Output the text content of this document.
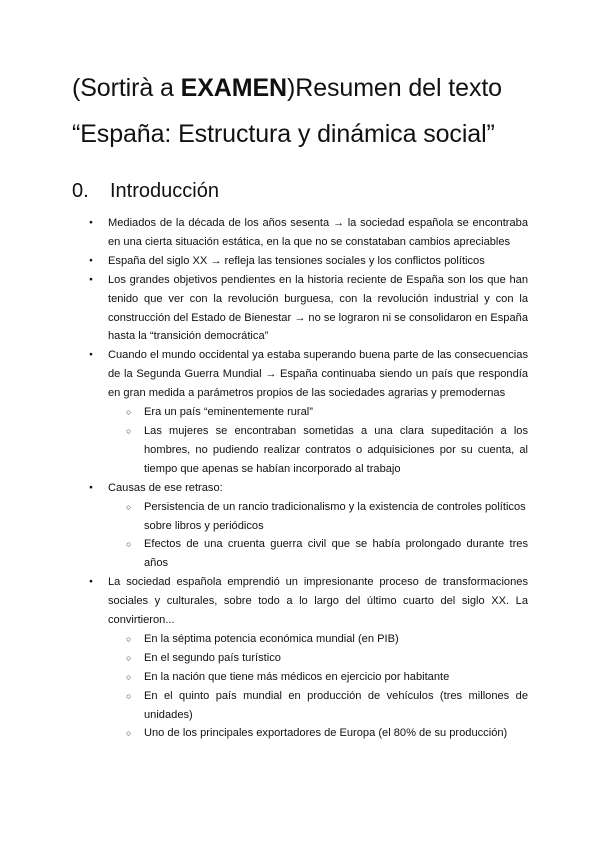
(Sortirà a EXAMEN)Resumen del texto
“España: Estructura y dinámica social”
0. Introducción
● Mediados de la década de los años sesenta → la sociedad española se encontraba en una cierta situación estática, en la que no se constataban cambios apreciables
● España del siglo XX → refleja las tensiones sociales y los conflictos políticos
● Los grandes objetivos pendientes en la historia reciente de España son los que han tenido que ver con la revolución burguesa, con la revolución industrial y con la construcción del Estado de Bienestar → no se lograron ni se consolidaron en España hasta la “transición democrática”
● Cuando el mundo occidental ya estaba superando buena parte de las consecuencias de la Segunda Guerra Mundial → España continuaba siendo un país que respondía en gran medida a parámetros propios de las sociedades agrarias y premodernas
○ Era un país “eminentemente rural”
○ Las mujeres se encontraban sometidas a una clara supeditación a los hombres, no pudiendo realizar contratos o adquisiciones por su cuenta, al tiempo que apenas se habían incorporado al trabajo
● Causas de ese retraso:
○ Persistencia de un rancio tradicionalismo y la existencia de controles políticos sobre libros y periódicos
○ Efectos de una cruenta guerra civil que se había prolongado durante tres años
● La sociedad española emprendió un impresionante proceso de transformaciones sociales y culturales, sobre todo a lo largo del último cuarto del siglo XX. La convirtieron...
○ En la séptima potencia económica mundial (en PIB)
○ En el segundo país turístico
○ En la nación que tiene más médicos en ejercicio por habitante
○ En el quinto país mundial en producción de vehículos (tres millones de unidades)
○ Uno de los principales exportadores de Europa (el 80% de su producción)
